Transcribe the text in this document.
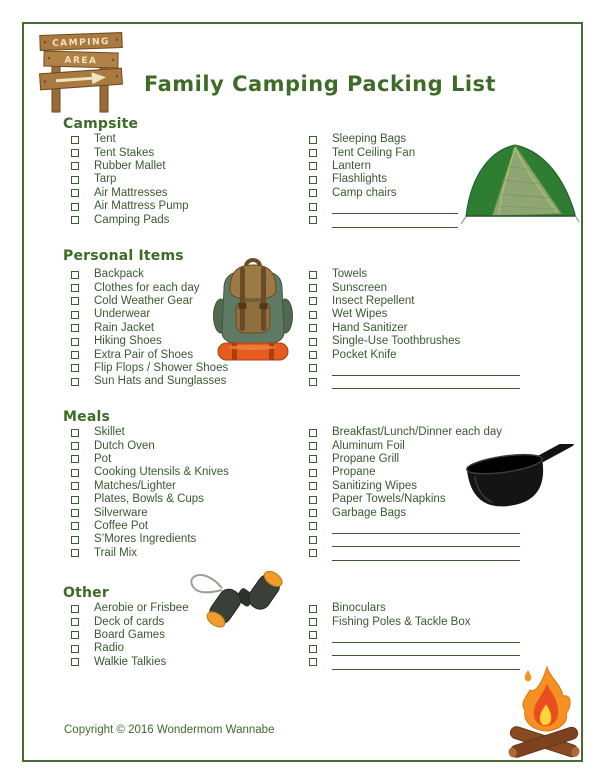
CAMPING
AREA
Family Camping Packing List
Campsite
Personal Items
Meals
Other
Tent
Tent Stakes
Rubber Mallet
Tarp
Air Mattresses
Air Mattress Pump
Camping Pads
Sleeping Bags
Tent Ceiling Fan
Lantern
Flashlights
Camp chairs
Backpack
Clothes for each day
Cold Weather Gear
Underwear
Rain Jacket
Hiking Shoes
Extra Pair of Shoes
Flip Flops / Shower Shoes
Sun Hats and Sunglasses
Towels
Sunscreen
Insect Repellent
Wet Wipes
Hand Sanitizer
Single-Use Toothbrushes
Pocket Knife
Skillet
Dutch Oven
Pot
Cooking Utensils & Knives
Matches/Lighter
Plates, Bowls & Cups
Silverware
Coffee Pot
S’Mores Ingredients
Trail Mix
Breakfast/Lunch/Dinner each day
Aluminum Foil
Propane Grill
Propane
Sanitizing Wipes
Paper Towels/Napkins
Garbage Bags
Aerobie or Frisbee
Deck of cards
Board Games
Radio
Walkie Talkies
Binoculars
Fishing Poles & Tackle Box
Copyright © 2016 Wondermom Wannabe
